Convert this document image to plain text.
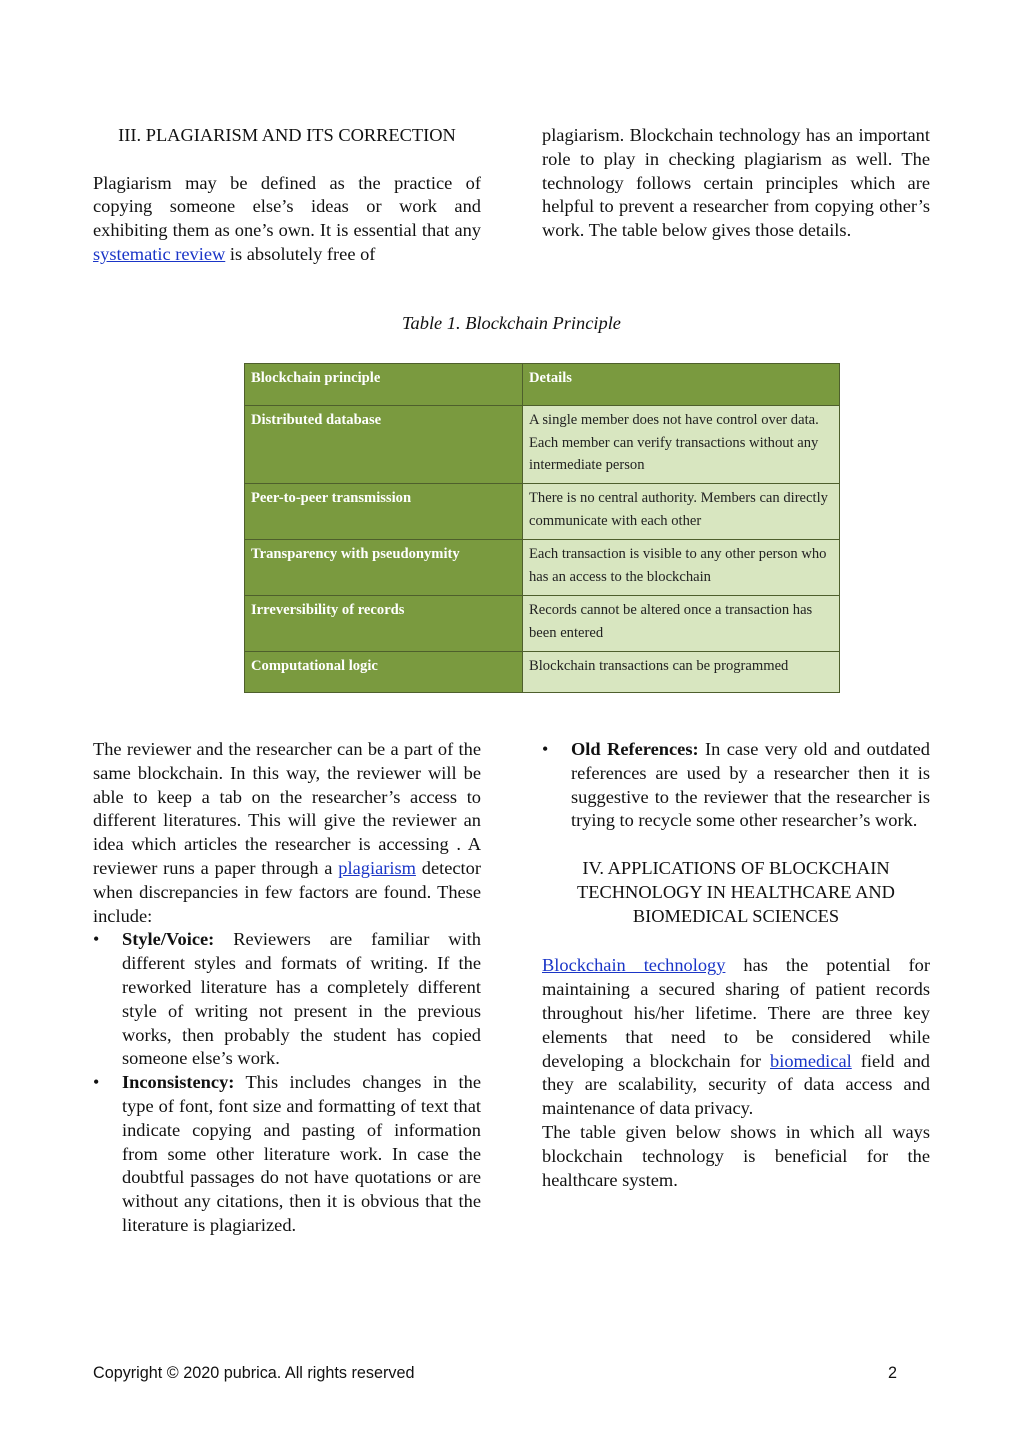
III. PLAGIARISM AND ITS CORRECTION

Plagiarism may be defined as the practice of copying someone else’s ideas or work and exhibiting them as one’s own. It is essential that any systematic review is absolutely free of

plagiarism. Blockchain technology has an important role to play in checking plagiarism as well. The technology follows certain principles which are helpful to prevent a researcher from copying other’s work. The table below gives those details.

Table 1. Blockchain Principle
Blockchain principle	Details
Distributed database	A single member does not have control over data. Each member can verify transactions without any intermediate person
Peer-to-peer transmission	There is no central authority. Members can directly communicate with each other
Transparency with pseudonymity	Each transaction is visible to any other person who has an access to the blockchain
Irreversibility of records	Records cannot be altered once a transaction has been entered
Computational logic	Blockchain transactions can be programmed

The reviewer and the researcher can be a part of the same blockchain. In this way, the reviewer will be able to keep a tab on the researcher’s access to different literatures. This will give the reviewer an idea which articles the researcher is accessing . A reviewer runs a paper through a plagiarism detector when discrepancies in few factors are found. These include:

• Style/Voice: Reviewers are familiar with different styles and formats of writing. If the reworked literature has a completely different style of writing not present in the previous works, then probably the student has copied someone else’s work.
• Inconsistency: This includes changes in the type of font, font size and formatting of text that indicate copying and pasting of information from some other literature work. In case the doubtful passages do not have quotations or are without any citations, then it is obvious that the literature is plagiarized.
• Old References: In case very old and outdated references are used by a researcher then it is suggestive to the reviewer that the researcher is trying to recycle some other researcher’s work.
IV. APPLICATIONS OF BLOCKCHAIN
TECHNOLOGY IN HEALTHCARE AND
BIOMEDICAL SCIENCES

Blockchain technology has the potential for maintaining a secured sharing of patient records throughout his/her lifetime. There are three key elements that need to be considered while developing a blockchain for biomedical field and they are scalability, security of data access and maintenance of data privacy.

The table given below shows in which all ways blockchain technology is beneficial for the healthcare system.

Copyright © 2020 pubrica. All rights reserved	2
